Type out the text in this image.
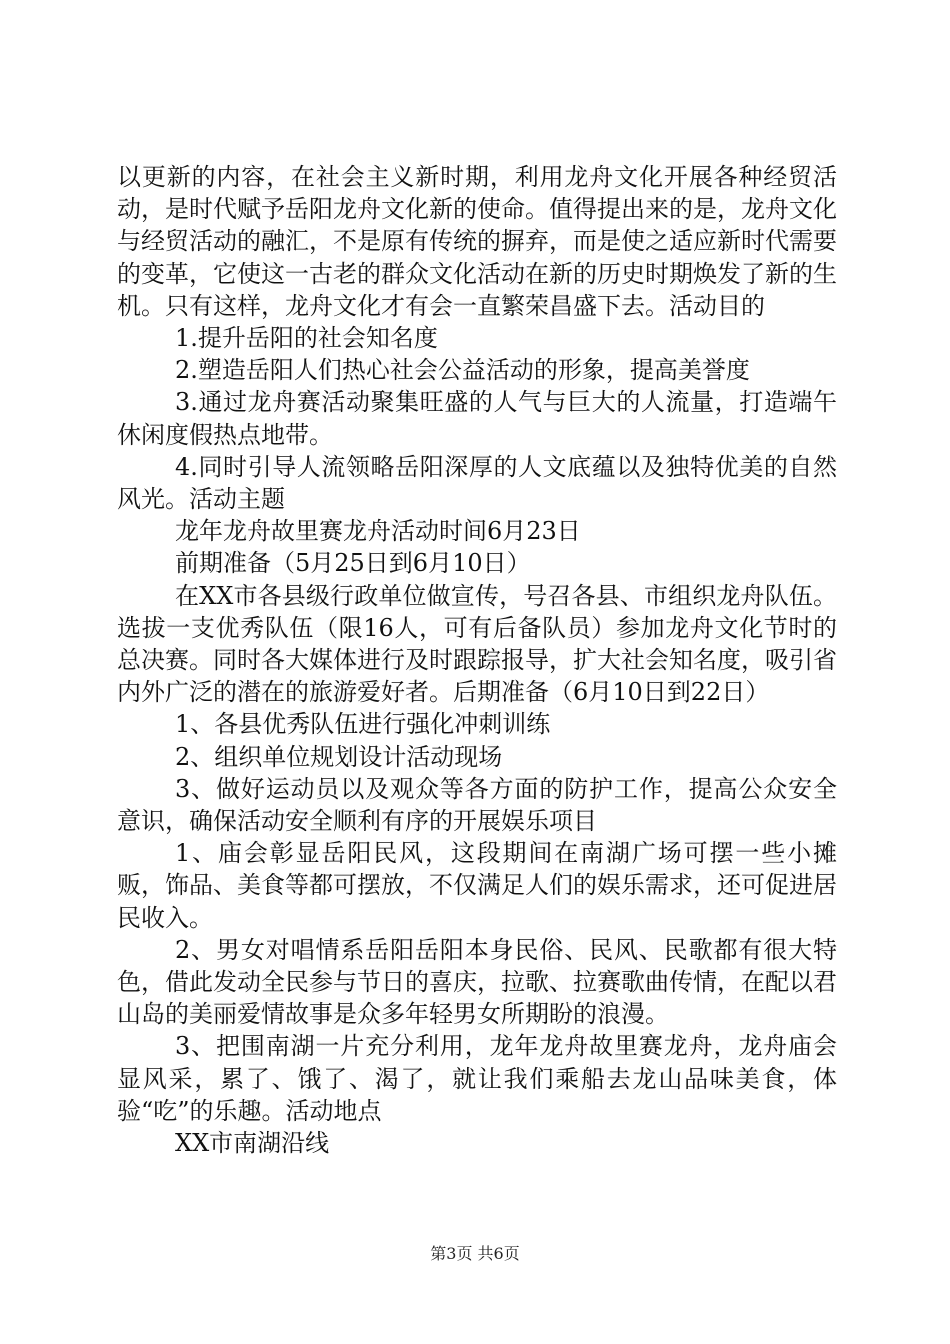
以更新的内容，在社会主义新时期，利用龙舟文化开展各种经贸活动，是时代赋予岳阳龙舟文化新的使命。值得提出来的是，龙舟文化与经贸活动的融汇，不是原有传统的摒弃，而是使之适应新时代需要的变革，它使这一古老的群众文化活动在新的历史时期焕发了新的生机。只有这样，龙舟文化才有会一直繁荣昌盛下去。活动目的

1.提升岳阳的社会知名度

2.塑造岳阳人们热心社会公益活动的形象，提高美誉度

3.通过龙舟赛活动聚集旺盛的人气与巨大的人流量，打造端午休闲度假热点地带。

4.同时引导人流领略岳阳深厚的人文底蕴以及独特优美的自然风光。活动主题

龙年龙舟故里赛龙舟活动时间6月23日

前期准备（5月25日到6月10日）

在XX市各县级行政单位做宣传，号召各县、市组织龙舟队伍。选拔一支优秀队伍（限16人，可有后备队员）参加龙舟文化节时的总决赛。同时各大媒体进行及时跟踪报导，扩大社会知名度，吸引省内外广泛的潜在的旅游爱好者。后期准备（6月10日到22日）

1、各县优秀队伍进行强化冲刺训练

2、组织单位规划设计活动现场

3、做好运动员以及观众等各方面的防护工作，提高公众安全意识，确保活动安全顺利有序的开展娱乐项目

1、庙会彰显岳阳民风，这段期间在南湖广场可摆一些小摊贩，饰品、美食等都可摆放，不仅满足人们的娱乐需求，还可促进居民收入。

2、男女对唱情系岳阳岳阳本身民俗、民风、民歌都有很大特色，借此发动全民参与节日的喜庆，拉歌、拉赛歌曲传情，在配以君山岛的美丽爱情故事是众多年轻男女所期盼的浪漫。

3、把围南湖一片充分利用，龙年龙舟故里赛龙舟，龙舟庙会显风采，累了、饿了、渴了，就让我们乘船去龙山品味美食，体验“吃”的乐趣。活动地点

XX市南湖沿线

第3页 共6页
